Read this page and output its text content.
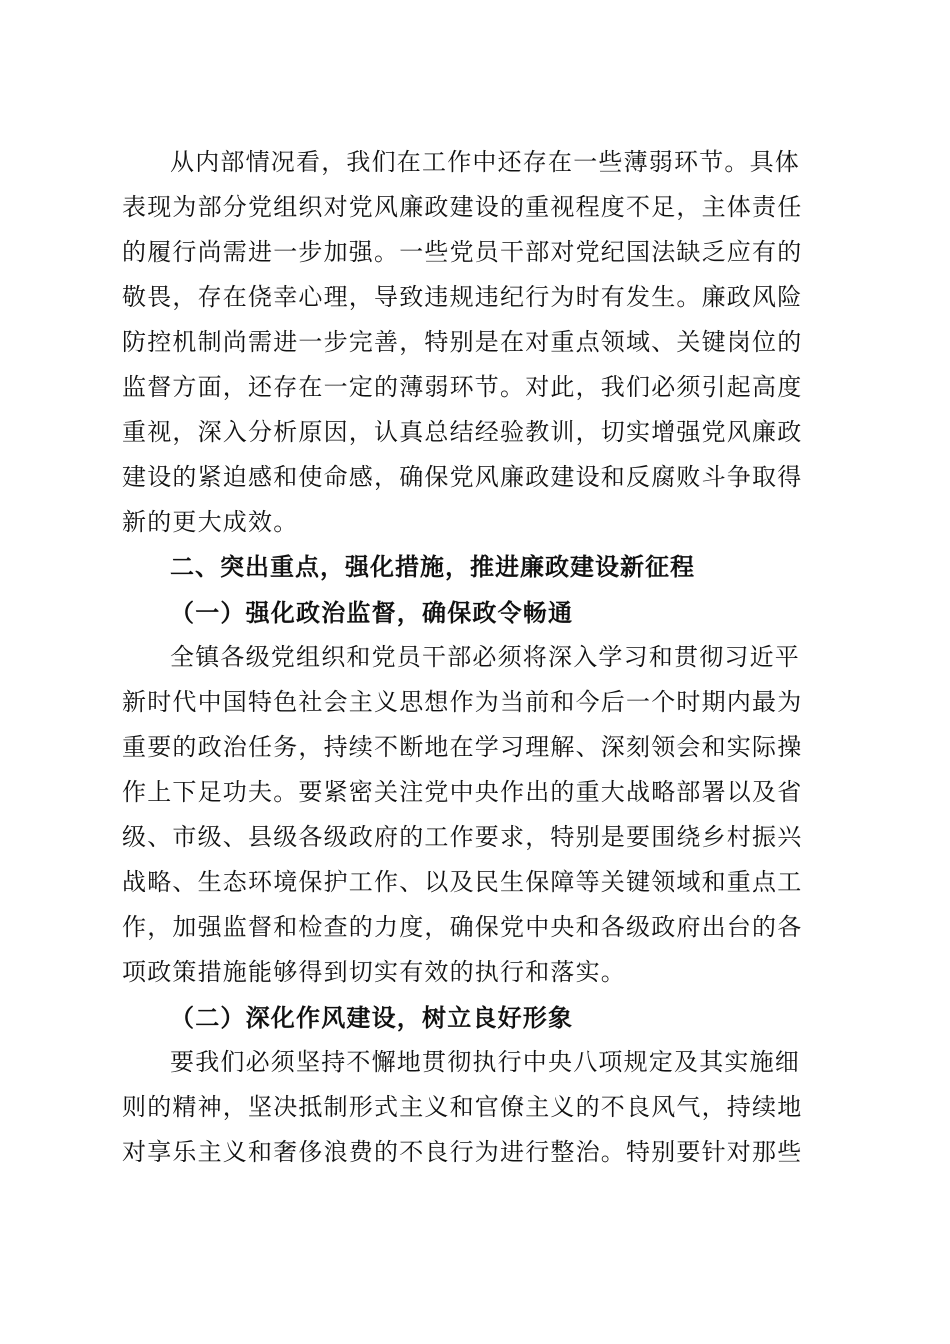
从内部情况看，我们在工作中还存在一些薄弱环节。具体
表现为部分党组织对党风廉政建设的重视程度不足，主体责任
的履行尚需进一步加强。一些党员干部对党纪国法缺乏应有的
敬畏，存在侥幸心理，导致违规违纪行为时有发生。廉政风险
防控机制尚需进一步完善，特别是在对重点领域、关键岗位的
监督方面，还存在一定的薄弱环节。对此，我们必须引起高度
重视，深入分析原因，认真总结经验教训，切实增强党风廉政
建设的紧迫感和使命感，确保党风廉政建设和反腐败斗争取得
新的更大成效。

二、突出重点，强化措施，推进廉政建设新征程
（一）强化政治监督，确保政令畅通

全镇各级党组织和党员干部必须将深入学习和贯彻习近平
新时代中国特色社会主义思想作为当前和今后一个时期内最为
重要的政治任务，持续不断地在学习理解、深刻领会和实际操
作上下足功夫。要紧密关注党中央作出的重大战略部署以及省
级、市级、县级各级政府的工作要求，特别是要围绕乡村振兴
战略、生态环境保护工作、以及民生保障等关键领域和重点工
作，加强监督和检查的力度，确保党中央和各级政府出台的各
项政策措施能够得到切实有效的执行和落实。

（二）深化作风建设，树立良好形象

要我们必须坚持不懈地贯彻执行中央八项规定及其实施细
则的精神，坚决抵制形式主义和官僚主义的不良风气，持续地
对享乐主义和奢侈浪费的不良行为进行整治。特别要针对那些
